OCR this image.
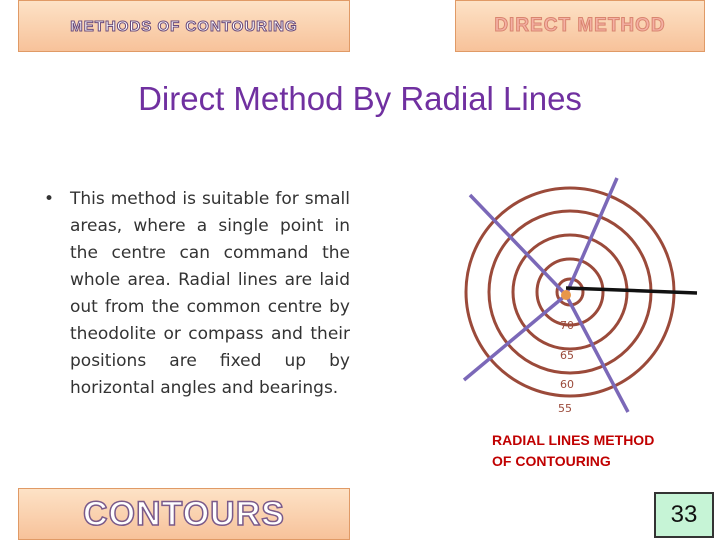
METHODS OF CONTOURING	DIRECT METHOD
Direct Method By Radial Lines
• This method is suitable for small areas, where a single point in the centre can command the whole area. Radial lines are laid out from the common centre by theodolite or compass and their positions are fixed up by horizontal angles and bearings.
70
65
60
55
RADIAL LINES METHOD
OF CONTOURING
CONTOURS	33
